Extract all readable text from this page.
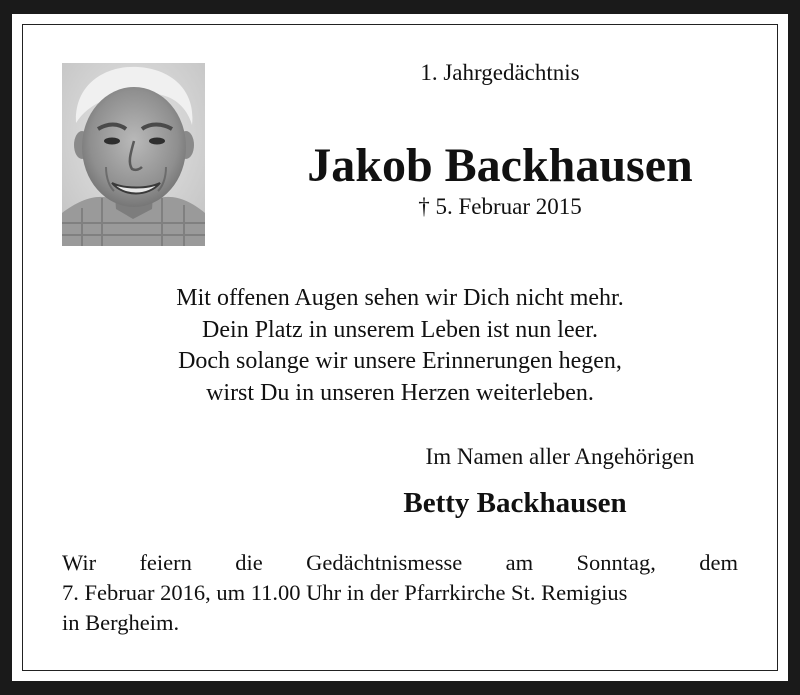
1. Jahrgedächtnis
Jakob Backhausen
† 5. Februar 2015
Mit offenen Augen sehen wir Dich nicht mehr.
Dein Platz in unserem Leben ist nun leer.
Doch solange wir unsere Erinnerungen hegen,
wirst Du in unseren Herzen weiterleben.
Im Namen aller Angehörigen
Betty Backhausen
Wir feiern die Gedächtnismesse am Sonntag, dem
7. Februar 2016, um 11.00 Uhr in der Pfarrkirche St. Remigius
in Bergheim.
